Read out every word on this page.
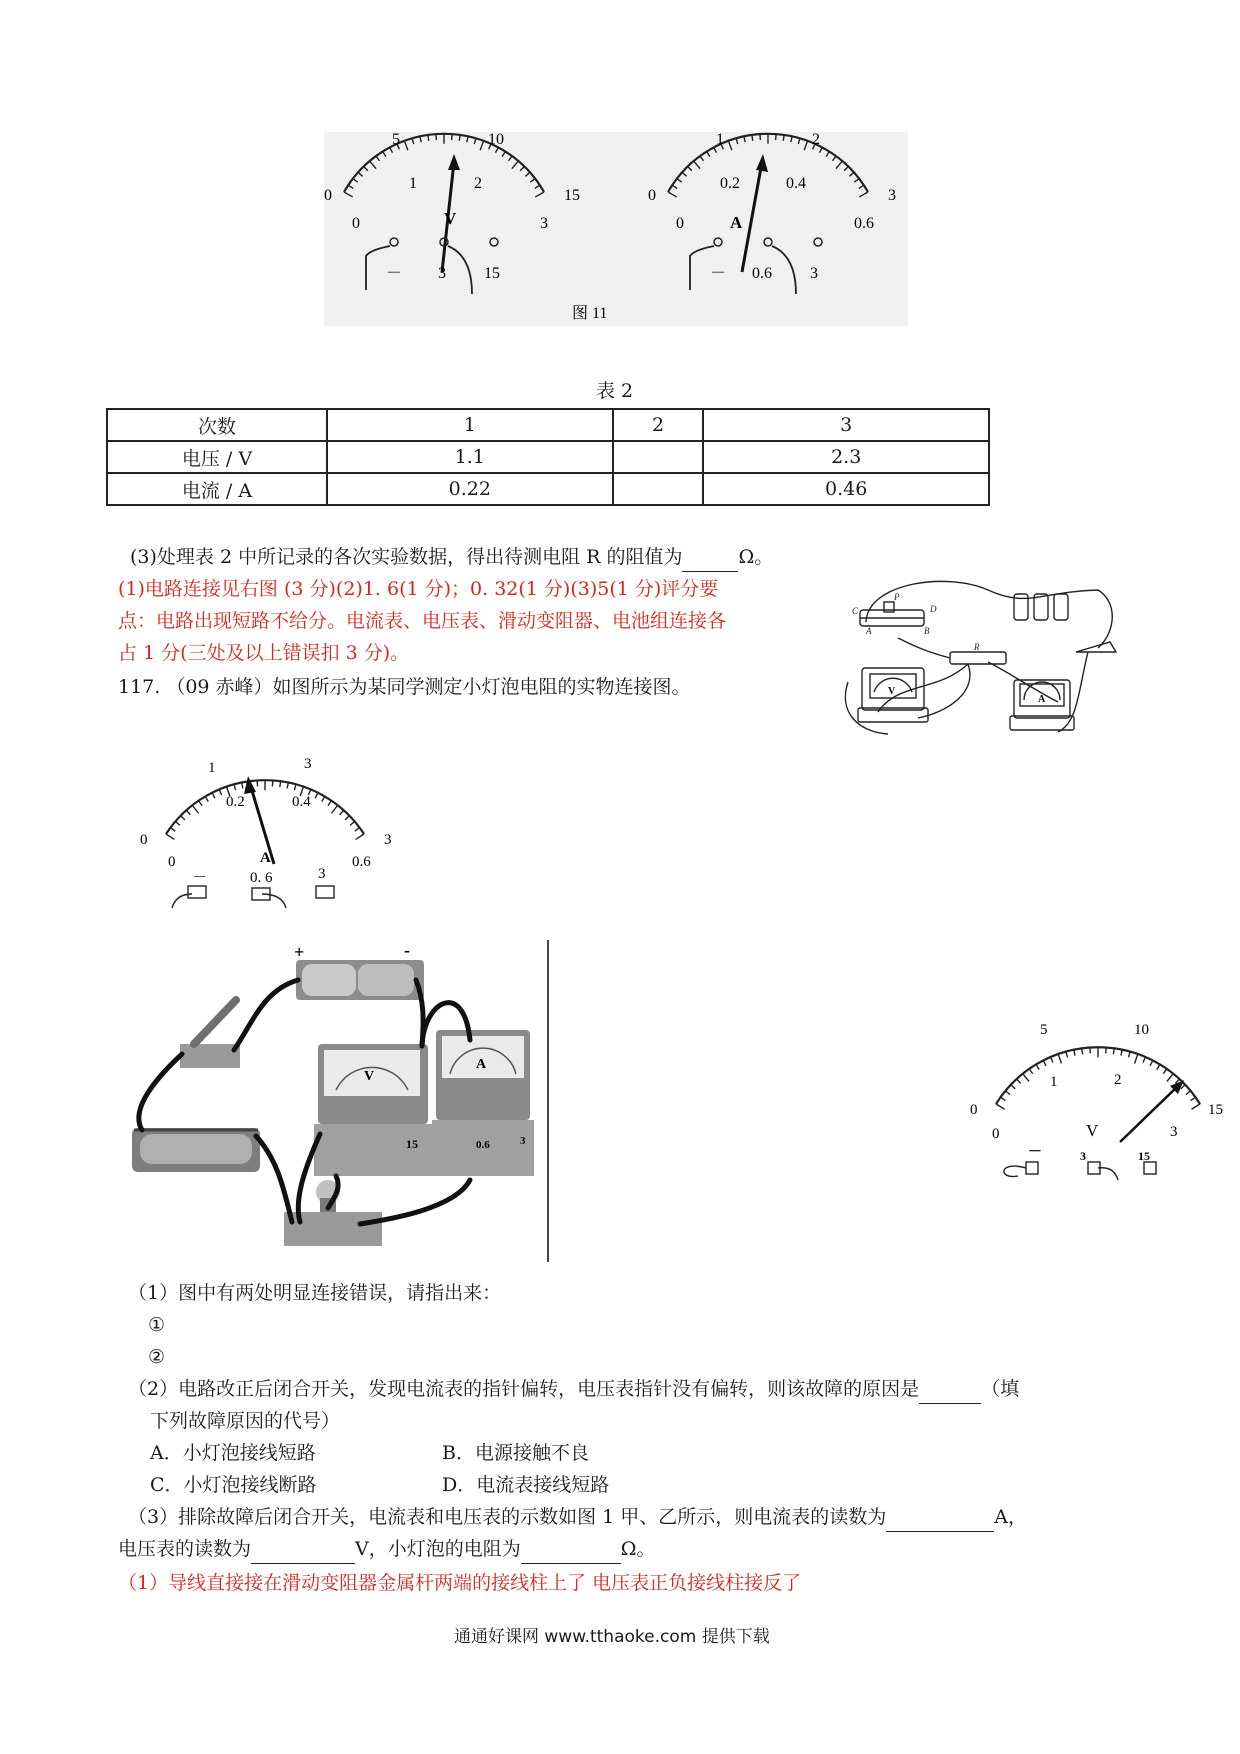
0
5	10
15
0
1	2
3
V
－ 3 15
0
1	2
3
0
0.2	0.4
0.6
A
－ 0.6 3
图 11
表 2
次数	1	2	3
电压 / V	1.1		2.3
电流 / A	0.22		0.46
(3)处理表 2 中所记录的各次实验数据，得出待测电阻 R 的阻值为	Ω。
(1)电路连接见右图 (3 分)(2)1. 6(1 分)；0. 32(1 分)(3)5(1 分)评分要
点：电路出现短路不给分。电流表、电压表、滑动变阻器、电池组连接各
占 1 分(三处及以上错误扣 3 分)。
117. （09 赤峰）如图所示为某同学测定小灯泡电阻的实物连接图。
C
P
D
A	B
R
V
A
0
1	3
3
0
0.2	0.4
0.6
A
－	0. 6	3
+	-
V
15
A
0.6	3
0
5	10
15
0
1	2
3
V
－	3	15
（1）图中有两处明显连接错误，请指出来：
①
②
（2）电路改正后闭合开关，发现电流表的指针偏转，电压表指针没有偏转，则该故障的原因是	（填
下列故障原因的代号）
A．小灯泡接线短路	B．电源接触不良
C．小灯泡接线断路	D．电流表接线短路
（3）排除故障后闭合开关，电流表和电压表的示数如图 1 甲、乙所示，则电流表的读数为	A，
电压表的读数为	V，小灯泡的电阻为	Ω。
（1）导线直接接在滑动变阻器金属杆两端的接线柱上了 电压表正负接线柱接反了
通通好课网 www.tthaoke.com 提供下载
